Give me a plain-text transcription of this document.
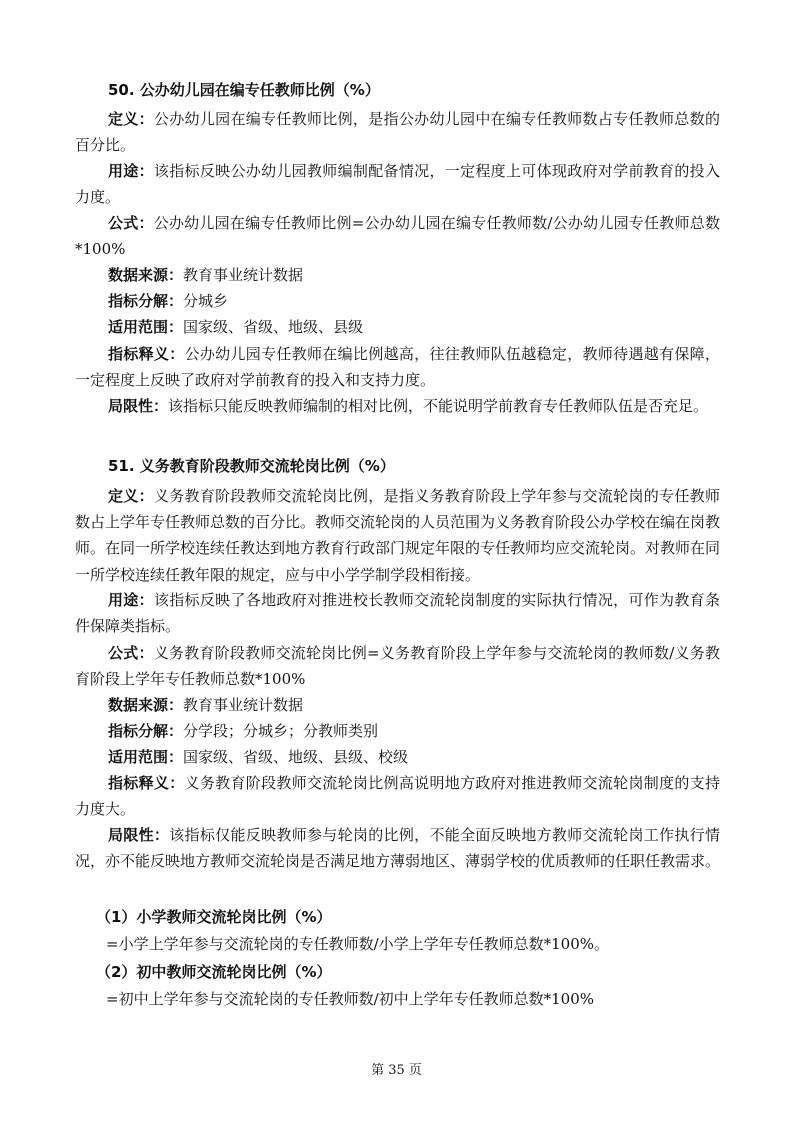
50. 公办幼儿园在编专任教师比例（%）

定义：公办幼儿园在编专任教师比例，是指公办幼儿园中在编专任教师数占专任教师总数的百分比。

用途：该指标反映公办幼儿园教师编制配备情况，一定程度上可体现政府对学前教育的投入力度。

公式：公办幼儿园在编专任教师比例=公办幼儿园在编专任教师数/公办幼儿园专任教师总数*100%

数据来源：教育事业统计数据

指标分解：分城乡

适用范围：国家级、省级、地级、县级

指标释义：公办幼儿园专任教师在编比例越高，往往教师队伍越稳定，教师待遇越有保障，一定程度上反映了政府对学前教育的投入和支持力度。

局限性：该指标只能反映教师编制的相对比例，不能说明学前教育专任教师队伍是否充足。

51. 义务教育阶段教师交流轮岗比例（%）

定义：义务教育阶段教师交流轮岗比例，是指义务教育阶段上学年参与交流轮岗的专任教师数占上学年专任教师总数的百分比。教师交流轮岗的人员范围为义务教育阶段公办学校在编在岗教师。在同一所学校连续任教达到地方教育行政部门规定年限的专任教师均应交流轮岗。对教师在同一所学校连续任教年限的规定，应与中小学学制学段相衔接。

用途：该指标反映了各地政府对推进校长教师交流轮岗制度的实际执行情况，可作为教育条件保障类指标。

公式：义务教育阶段教师交流轮岗比例=义务教育阶段上学年参与交流轮岗的教师数/义务教育阶段上学年专任教师总数*100%

数据来源：教育事业统计数据

指标分解：分学段；分城乡；分教师类别

适用范围：国家级、省级、地级、县级、校级

指标释义：义务教育阶段教师交流轮岗比例高说明地方政府对推进教师交流轮岗制度的支持力度大。

局限性：该指标仅能反映教师参与轮岗的比例，不能全面反映地方教师交流轮岗工作执行情况，亦不能反映地方教师交流轮岗是否满足地方薄弱地区、薄弱学校的优质教师的任职任教需求。

（1）小学教师交流轮岗比例（%）
=小学上学年参与交流轮岗的专任教师数/小学上学年专任教师总数*100%。
（2）初中教师交流轮岗比例（%）
=初中上学年参与交流轮岗的专任教师数/初中上学年专任教师总数*100%
第 35 页
